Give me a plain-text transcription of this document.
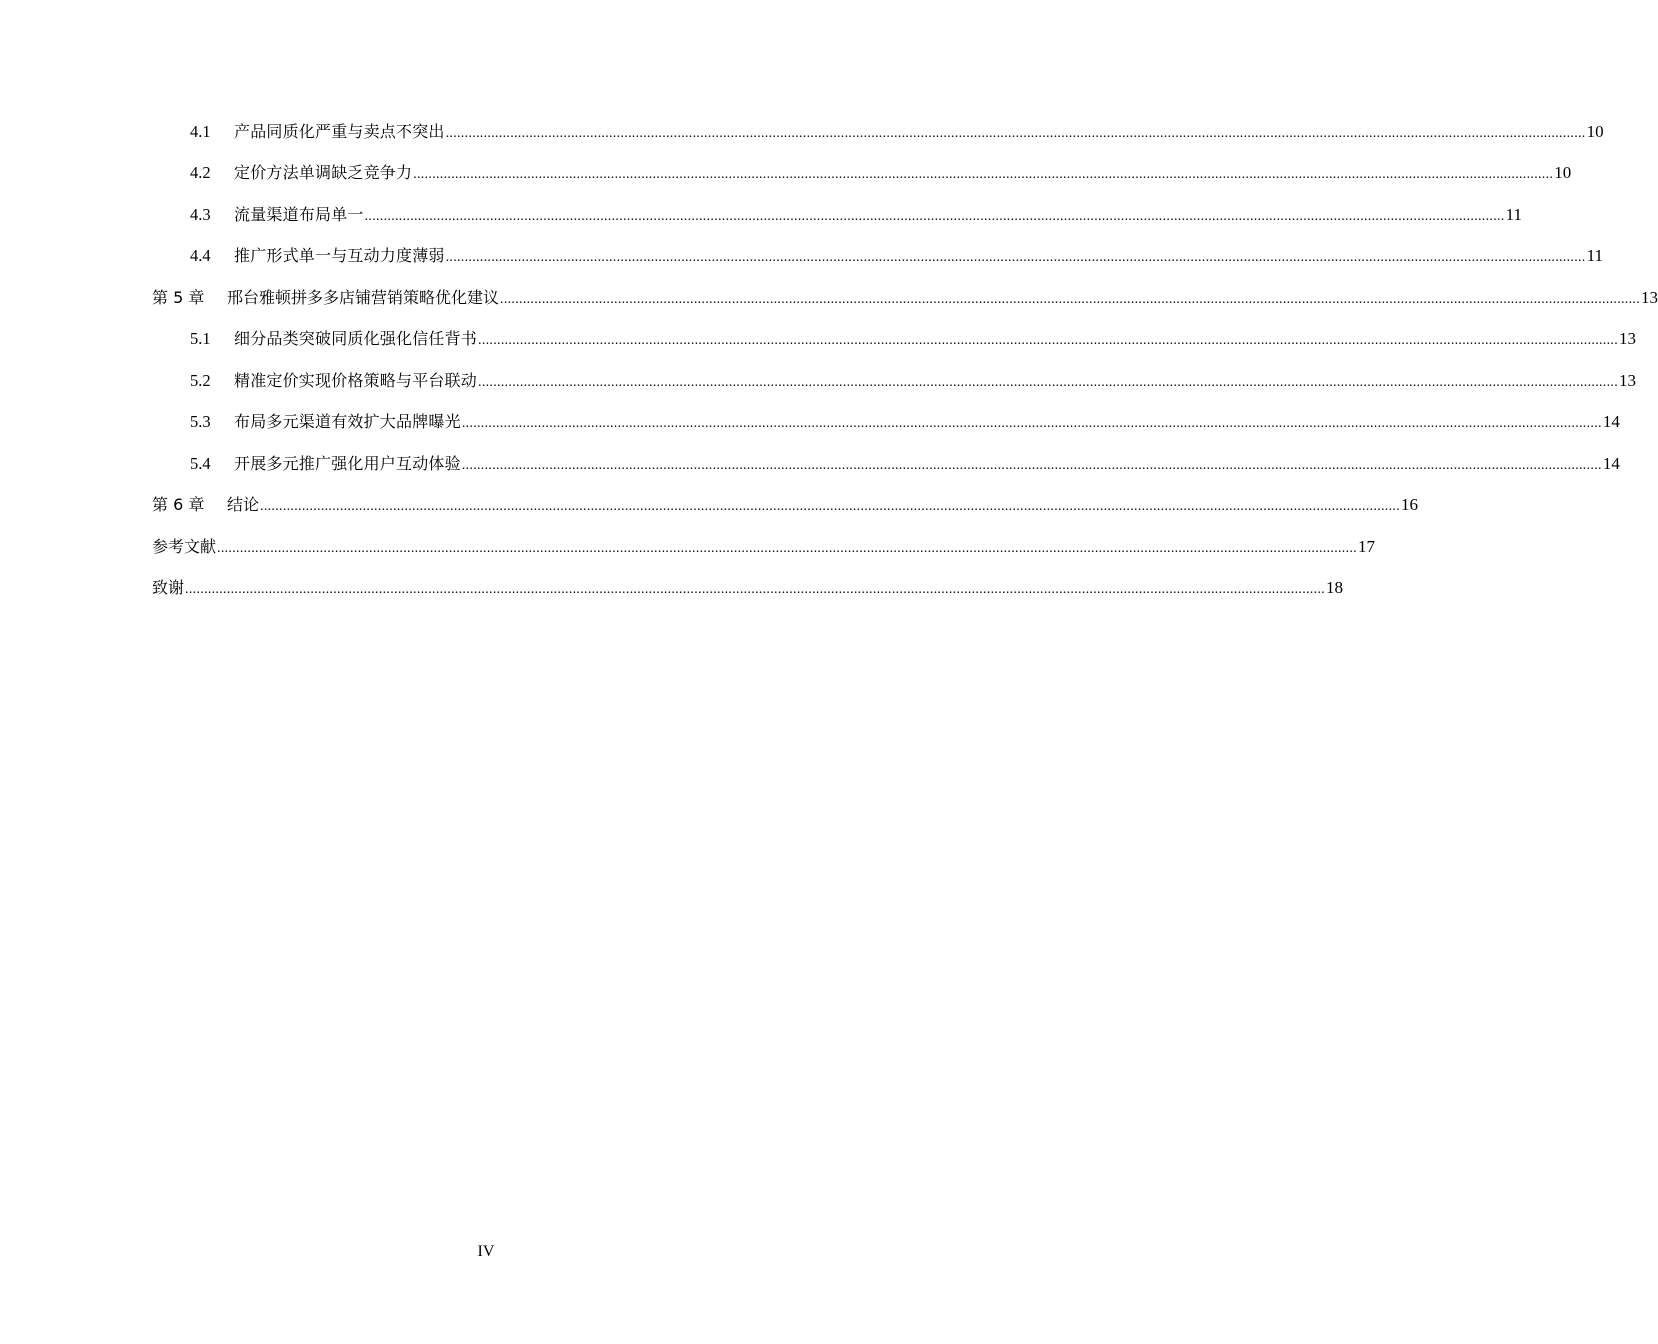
4.1	产品同质化严重与卖点不突出 ............................................................................................................................................................................................................................................................................................................ 10
4.2	定价方法单调缺乏竞争力 ............................................................................................................................................................................................................................................................................................................ 10
4.3	流量渠道布局单一 ............................................................................................................................................................................................................................................................................................................ 11
4.4	推广形式单一与互动力度薄弱 ............................................................................................................................................................................................................................................................................................................ 11
第 5 章	邢台雅顿拼多多店铺营销策略优化建议 ............................................................................................................................................................................................................................................................................................................ 13
5.1	细分品类突破同质化强化信任背书 ............................................................................................................................................................................................................................................................................................................ 13
5.2	精准定价实现价格策略与平台联动 ............................................................................................................................................................................................................................................................................................................ 13
5.3	布局多元渠道有效扩大品牌曝光 ............................................................................................................................................................................................................................................................................................................ 14
5.4	开展多元推广强化用户互动体验 ............................................................................................................................................................................................................................................................................................................ 14
第 6 章	结论 ............................................................................................................................................................................................................................................................................................................ 16
参考文献 ............................................................................................................................................................................................................................................................................................................ 17
致谢 ............................................................................................................................................................................................................................................................................................................ 18
IV
